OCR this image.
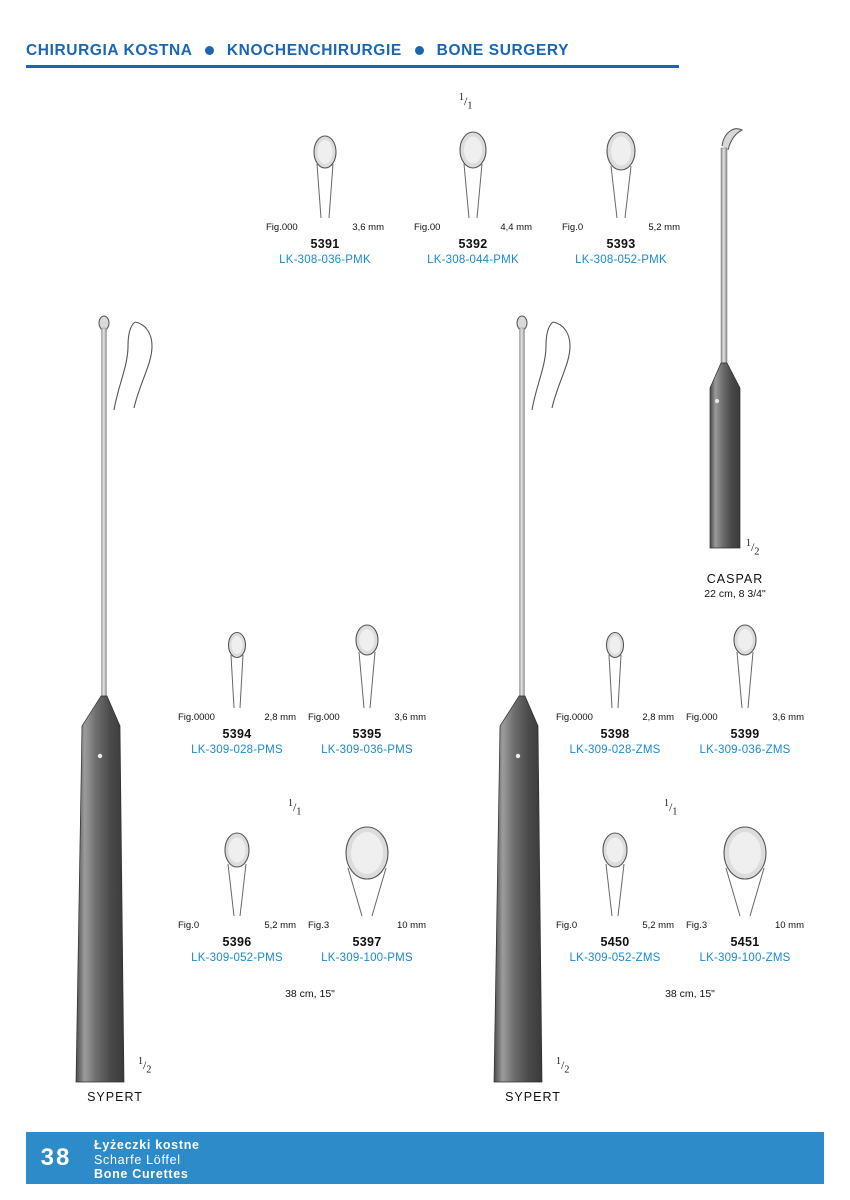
CHIRURGIA KOSTNA KNOCHENCHIRURGIE BONE SURGERY
$^1/_1$
Fig.000	3,6 mm
5391
LK-308-036-PMK
Fig.00	4,4 mm
5392
LK-308-044-PMK
Fig.0	5,2 mm
5393
LK-308-052-PMK
$^1/_2$
CASPAR
22 cm, 8 3/4"
$^1/_2$
SYPERT
$^1/_2$
SYPERT
Fig.0000	2,8 mm
5394
LK-309-028-PMS
Fig.000	3,6 mm
5395
LK-309-036-PMS
$^1/_1$
Fig.0	5,2 mm
5396
LK-309-052-PMS
Fig.3	10 mm
5397
LK-309-100-PMS
38 cm, 15"
Fig.0000	2,8 mm
5398
LK-309-028-ZMS
Fig.000	3,6 mm
5399
LK-309-036-ZMS
$^1/_1$
Fig.0	5,2 mm
5450
LK-309-052-ZMS
Fig.3	10 mm
5451
LK-309-100-ZMS
38 cm, 15"
38	Łyżeczki kostne
Scharfe Löffel
Bone Curettes
